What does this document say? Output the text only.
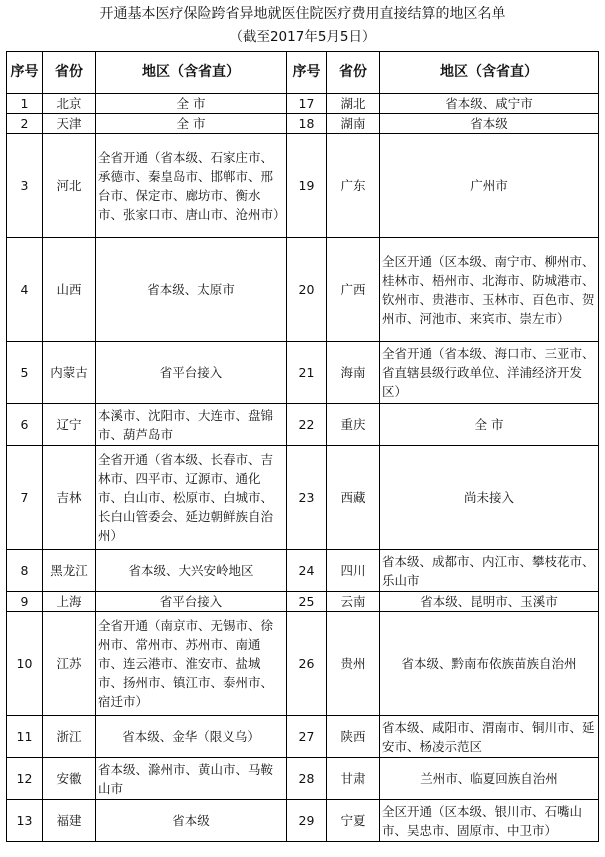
开通基本医疗保险跨省异地就医住院医疗费用直接结算的地区名单
（截至2017年5月5日）
序号	省份	地区（含省直）	序号	省份	地区（含省直）
1	北京	全 市	17	湖北	省本级、咸宁市
2	天津	全 市	18	湖南	省本级
3	河北	全省开通（省本级、石家庄市、承德市、秦皇岛市、邯郸市、邢台市、保定市、廊坊市、衡水市、张家口市、唐山市、沧州市）	19	广东	广州市
4	山西	省本级、太原市	20	广西	全区开通（区本级、南宁市、柳州市、桂林市、梧州市、北海市、防城港市、钦州市、贵港市、玉林市、百色市、贺州市、河池市、来宾市、崇左市）
5	内蒙古	省平台接入	21	海南	全省开通（省本级、海口市、三亚市、省直辖县级行政单位、洋浦经济开发区）
6	辽宁	本溪市、沈阳市、大连市、盘锦市、葫芦岛市	22	重庆	全 市
7	吉林	全省开通（省本级、长春市、吉林市、四平市、辽源市、通化市、白山市、松原市、白城市、长白山管委会、延边朝鲜族自治州）	23	西藏	尚未接入
8	黑龙江	省本级、大兴安岭地区	24	四川	省本级、成都市、内江市、攀枝花市、乐山市
9	上海	省平台接入	25	云南	省本级、昆明市、玉溪市
10	江苏	全省开通（南京市、无锡市、徐州市、常州市、苏州市、南通市、连云港市、淮安市、盐城市、扬州市、镇江市、泰州市、宿迁市）	26	贵州	省本级、黔南布依族苗族自治州
11	浙江	省本级、金华（限义乌）	27	陕西	省本级、咸阳市、渭南市、铜川市、延安市、杨凌示范区
12	安徽	省本级、滁州市、黄山市、马鞍山市	28	甘肃	兰州市、临夏回族自治州
13	福建	省本级	29	宁夏	全区开通（区本级、银川市、石嘴山市、吴忠市、固原市、中卫市）
